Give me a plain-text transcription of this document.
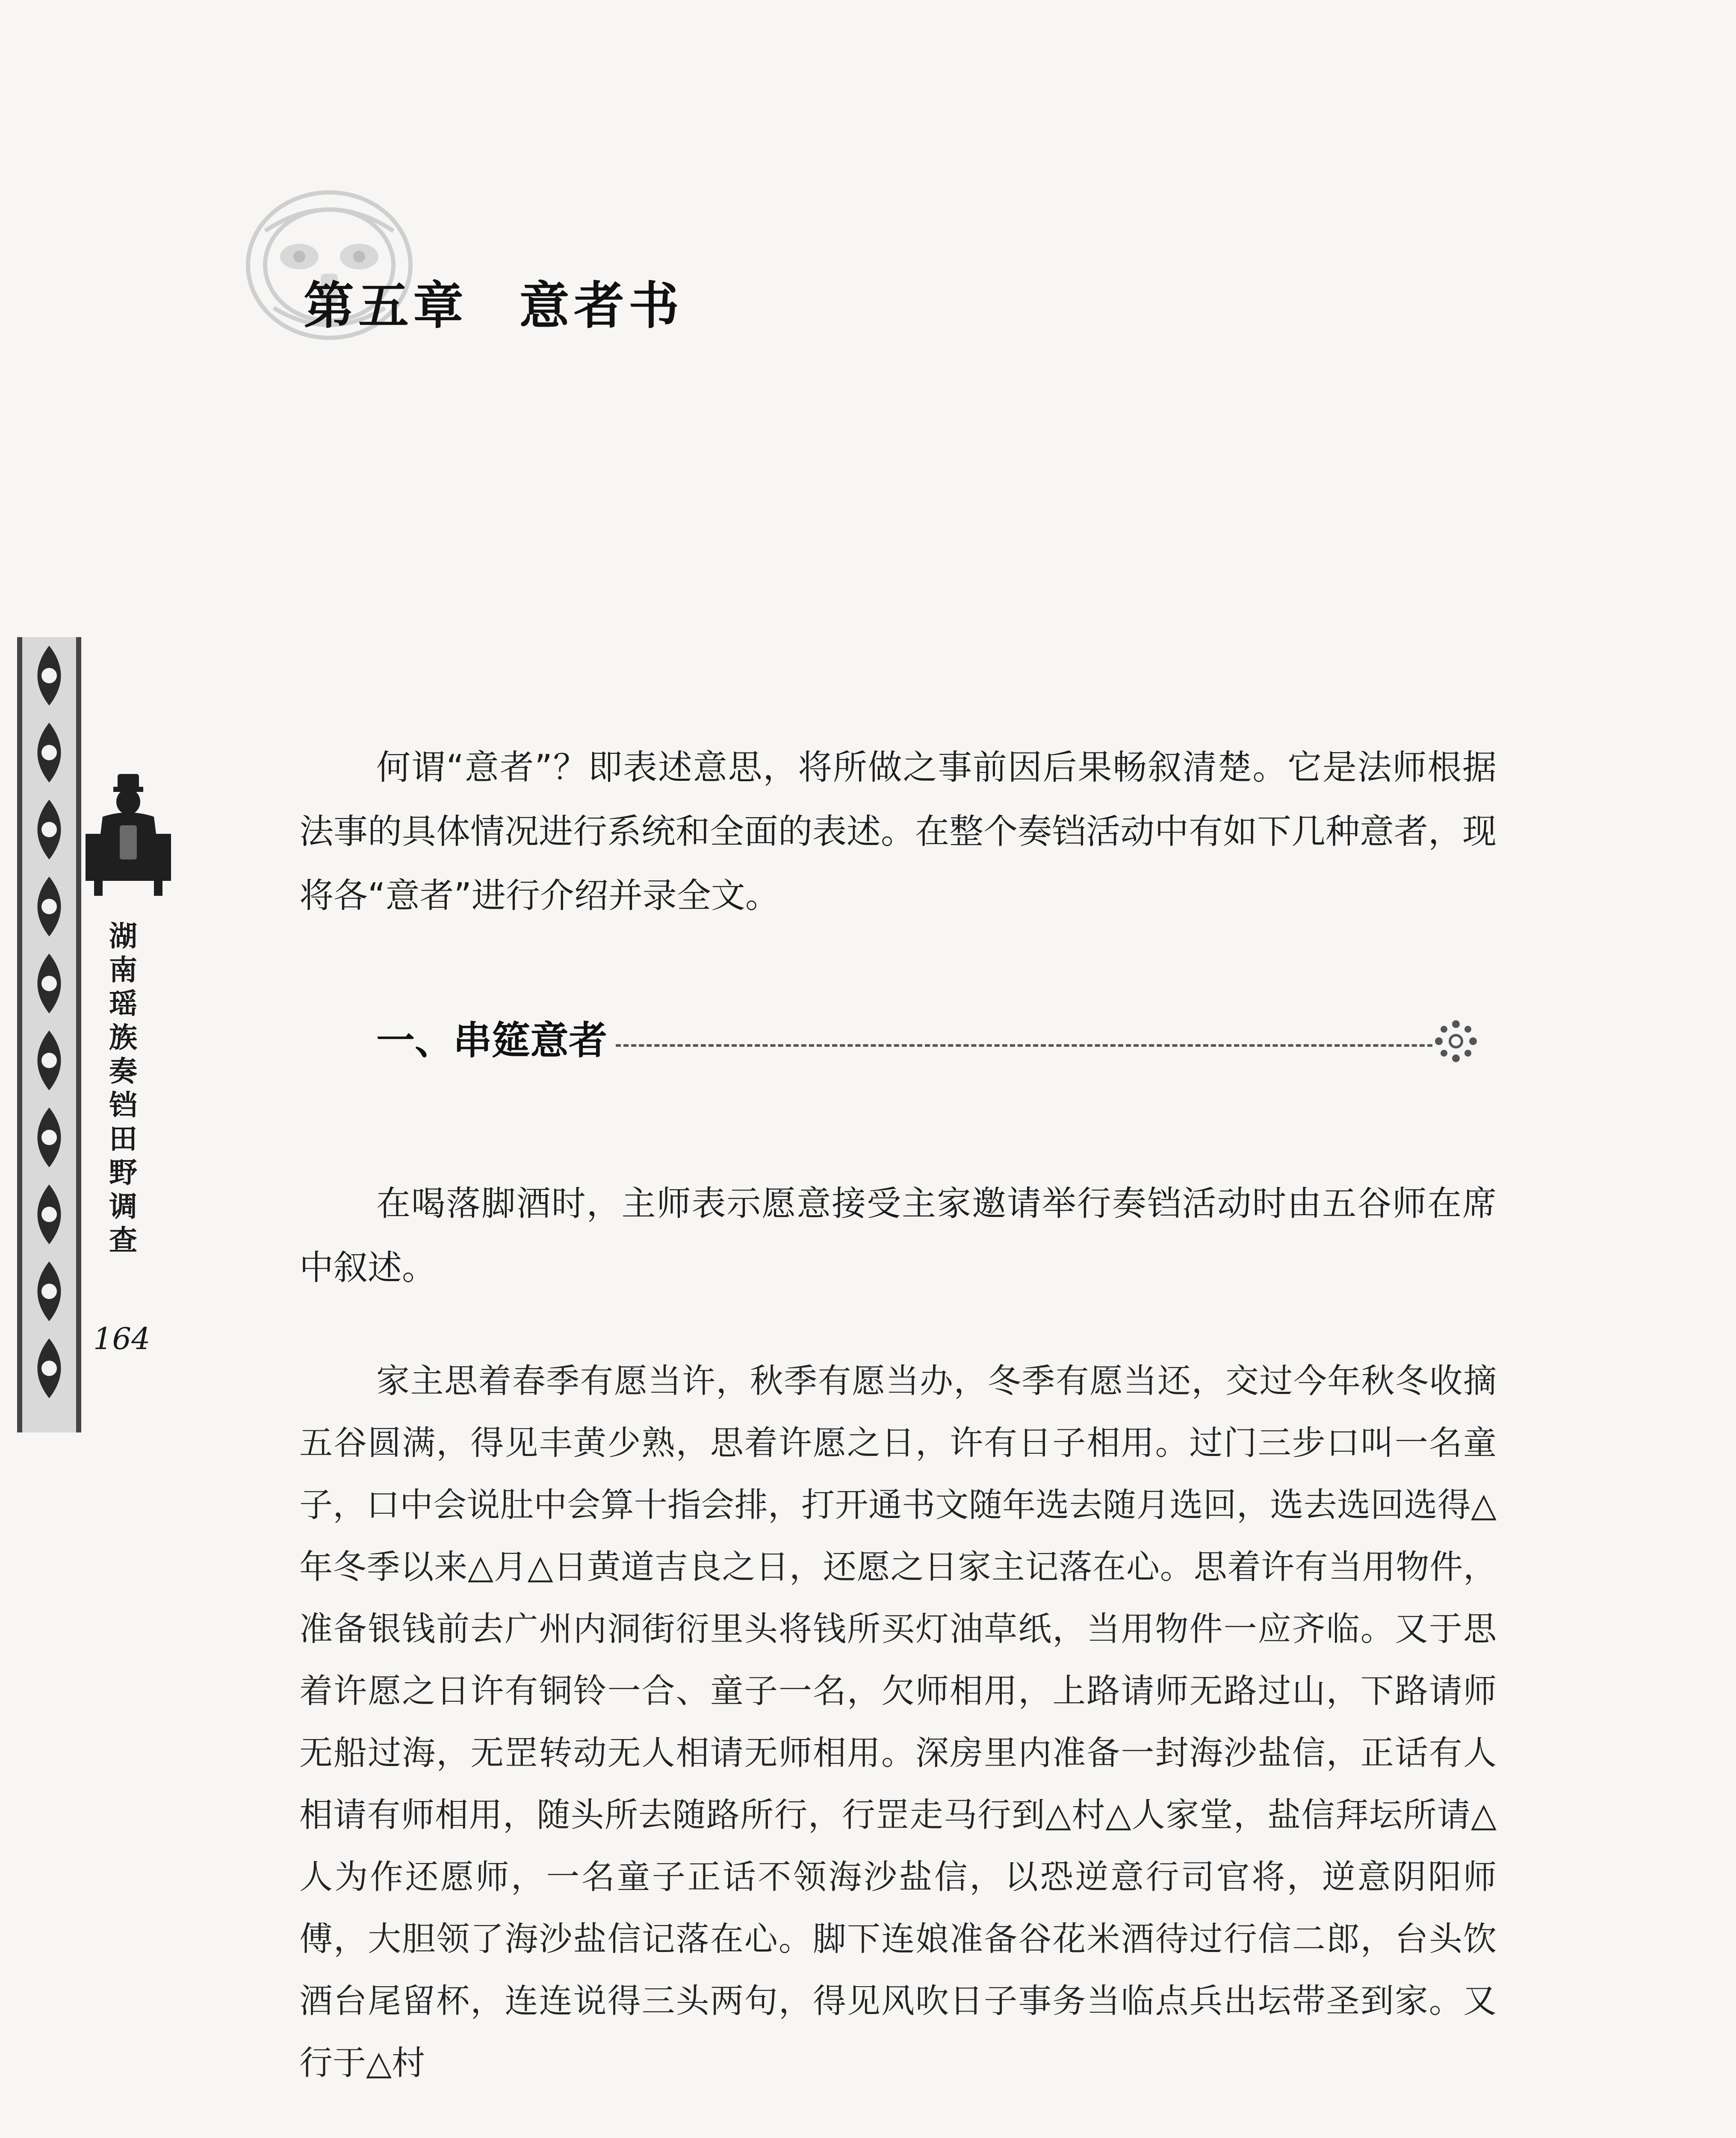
第五章 意者书
湖南瑶族奏铛田野调查
164

何谓“意者”？即表述意思，将所做之事前因后果畅叙清楚。它是法师根据法事的具体情况进行系统和全面的表述。在整个奏铛活动中有如下几种意者，现将各“意者”进行介绍并录全文。

一、串筵意者

在喝落脚酒时，主师表示愿意接受主家邀请举行奏铛活动时由五谷师在席中叙述。

家主思着春季有愿当许，秋季有愿当办，冬季有愿当还，交过今年秋冬收摘五谷圆满，得见丰黄少熟，思着许愿之日，许有日子相用。过门三步口叫一名童子，口中会说肚中会算十指会排，打开通书文随年选去随月选回，选去选回选得△年冬季以来△月△日黄道吉良之日，还愿之日家主记落在心。思着许有当用物件，准备银钱前去广州内洞街衍里头将钱所买灯油草纸，当用物件一应齐临。又于思着许愿之日许有铜铃一合、童子一名，欠师相用，上路请师无路过山，下路请师无船过海，无罡转动无人相请无师相用。深房里内准备一封海沙盐信，正话有人相请有师相用，随头所去随路所行，行罡走马行到△村△人家堂，盐信拜坛所请△人为作还愿师，一名童子正话不领海沙盐信，以恐逆意行司官将，逆意阴阳师傅，大胆领了海沙盐信记落在心。脚下连娘准备谷花米酒待过行信二郎，台头饮酒台尾留杯，连连说得三头两句，得见风吹日子事务当临点兵出坛带圣到家。又行于△村
